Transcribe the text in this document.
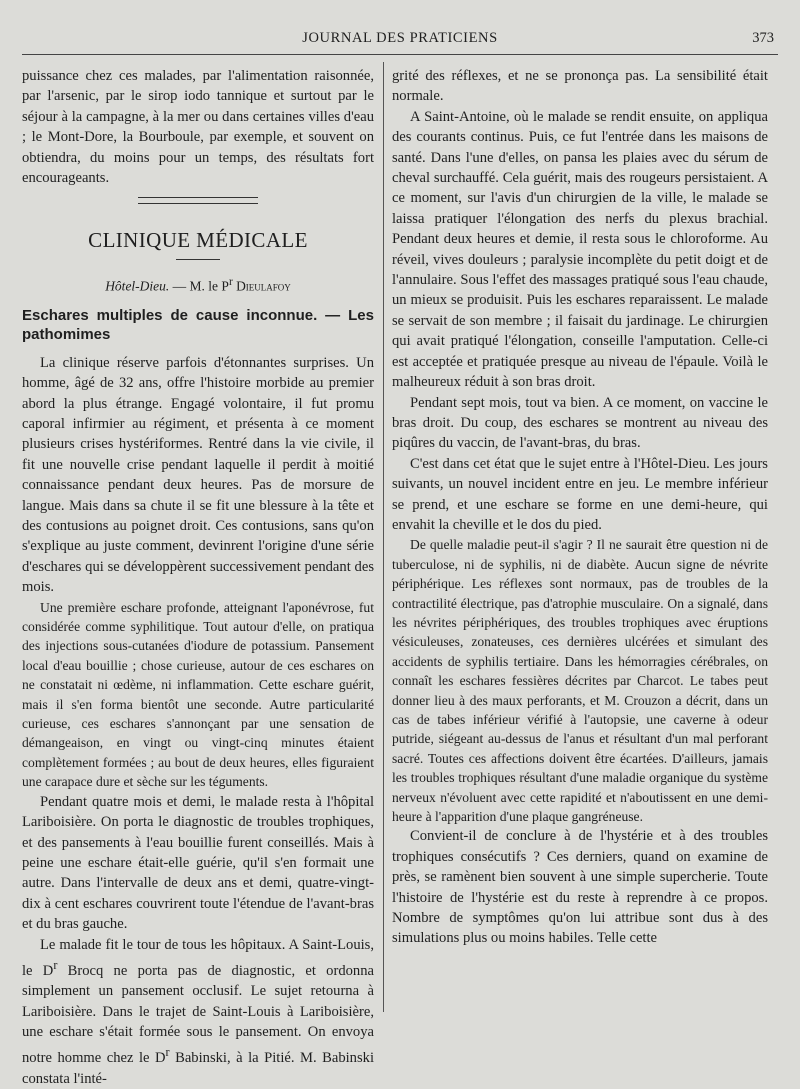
JOURNAL DES PRATICIENS	373

puissance chez ces malades, par l'alimentation raisonnée, par l'arsenic, par le sirop iodo tannique et surtout par le séjour à la campagne, à la mer ou dans certaines villes d'eau ; le Mont-Dore, la Bourboule, par exemple, et souvent on obtiendra, du moins pour un temps, des résultats fort encourageants.

CLINIQUE MÉDICALE
Hôtel-Dieu. — M. le $P^r$ Dieulafoy
Eschares multiples de cause inconnue. — Les pathomimes

La clinique réserve parfois d'étonnantes surprises. Un homme, âgé de 32 ans, offre l'histoire morbide au premier abord la plus étrange. Engagé volontaire, il fut promu caporal infirmier au régiment, et présenta à ce moment plusieurs crises hystériformes. Rentré dans la vie civile, il fit une nouvelle crise pendant laquelle il perdit à moitié connaissance pendant deux heures. Pas de morsure de langue. Mais dans sa chute il se fit une blessure à la tête et des contusions au poignet droit. Ces contusions, sans qu'on s'explique au juste comment, devinrent l'origine d'une série d'eschares qui se développèrent successivement pendant des mois.

Une première eschare profonde, atteignant l'aponévrose, fut considérée comme syphilitique. Tout autour d'elle, on pratiqua des injections sous-cutanées d'iodure de potassium. Pansement local d'eau bouillie ; chose curieuse, autour de ces eschares on ne constatait ni œdème, ni inflammation. Cette eschare guérit, mais il s'en forma bientôt une seconde. Autre particularité curieuse, ces eschares s'annonçant par une sensation de démangeaison, en vingt ou vingt-cinq minutes étaient complètement formées ; au bout de deux heures, elles figuraient une carapace dure et sèche sur les téguments.

Pendant quatre mois et demi, le malade resta à l'hôpital Lariboisière. On porta le diagnostic de troubles trophiques, et des pansements à l'eau bouillie furent conseillés. Mais à peine une eschare était-elle guérie, qu'il s'en formait une autre. Dans l'intervalle de deux ans et demi, quatre-vingt-dix à cent eschares couvrirent toute l'étendue de l'avant-bras et du bras gauche.

Le malade fit le tour de tous les hôpitaux. A Saint-Louis, le $D^r$ Brocq ne porta pas de diagnostic, et ordonna simplement un pansement occlusif. Le sujet retourna à Lariboisière. Dans le trajet de Saint-Louis à Lariboisière, une eschare s'était formée sous le pansement. On envoya notre homme chez le $D^r$ Babinski, à la Pitié. M. Babinski constata l'inté-

grité des réflexes, et ne se prononça pas. La sensibilité était normale.

A Saint-Antoine, où le malade se rendit ensuite, on appliqua des courants continus. Puis, ce fut l'entrée dans les maisons de santé. Dans l'une d'elles, on pansa les plaies avec du sérum de cheval surchauffé. Cela guérit, mais des rougeurs persistaient. A ce moment, sur l'avis d'un chirurgien de la ville, le malade se laissa pratiquer l'élongation des nerfs du plexus brachial. Pendant deux heures et demie, il resta sous le chloroforme. Au réveil, vives douleurs ; paralysie incomplète du petit doigt et de l'annulaire. Sous l'effet des massages pratiqué sous l'eau chaude, un mieux se produisit. Puis les eschares reparaissent. Le malade se servait de son membre ; il faisait du jardinage. Le chirurgien qui avait pratiqué l'élongation, conseille l'amputation. Celle-ci est acceptée et pratiquée presque au niveau de l'épaule. Voilà le malheureux réduit à son bras droit.

Pendant sept mois, tout va bien. A ce moment, on vaccine le bras droit. Du coup, des eschares se montrent au niveau des piqûres du vaccin, de l'avant-bras, du bras.

C'est dans cet état que le sujet entre à l'Hôtel-Dieu. Les jours suivants, un nouvel incident entre en jeu. Le membre inférieur se prend, et une eschare se forme en une demi-heure, qui envahit la cheville et le dos du pied.

De quelle maladie peut-il s'agir ? Il ne saurait être question ni de tuberculose, ni de syphilis, ni de diabète. Aucun signe de névrite périphérique. Les réflexes sont normaux, pas de troubles de la contractilité électrique, pas d'atrophie musculaire. On a signalé, dans les névrites périphériques, des troubles trophiques avec éruptions vésiculeuses, zonateuses, ces dernières ulcérées et simulant des accidents de syphilis tertiaire. Dans les hémorragies cérébrales, on connaît les eschares fessières décrites par Charcot. Le tabes peut donner lieu à des maux perforants, et M. Crouzon a décrit, dans un cas de tabes inférieur vérifié à l'autopsie, une caverne à odeur putride, siégeant au-dessus de l'anus et résultant d'un mal perforant sacré. Toutes ces affections doivent être écartées. D'ailleurs, jamais les troubles trophiques résultant d'une maladie organique du système nerveux n'évoluent avec cette rapidité et n'aboutissent en une demi-heure à l'apparition d'une plaque gangréneuse.

Convient-il de conclure à de l'hystérie et à des troubles trophiques consécutifs ? Ces derniers, quand on examine de près, se ramènent bien souvent à une simple supercherie. Toute l'histoire de l'hystérie est du reste à reprendre à ce propos. Nombre de symptômes qu'on lui attribue sont dus à des simulations plus ou moins habiles. Telle cette
